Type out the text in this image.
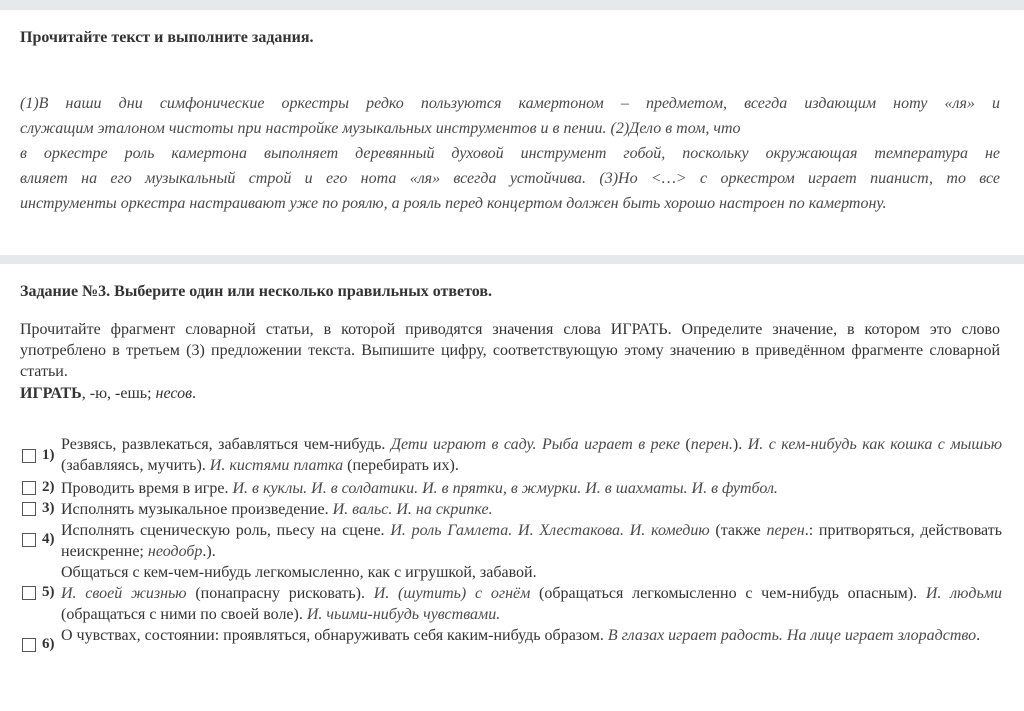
Прочитайте текст и выполните задания.
(1)В наши дни симфонические оркестры редко пользуются камертоном – предметом, всегда издающим ноту «ля» и
служащим эталоном чистоты при настройке музыкальных инструментов и в пении. (2)Дело в том, что
в оркестре роль камертона выполняет деревянный духовой инструмент гобой, поскольку окружающая температура не
влияет на его музыкальный строй и его нота «ля» всегда устойчива. (3)Но <…> с оркестром играет пианист, то все
инструменты оркестра настраивают уже по роялю, а рояль перед концертом должен быть хорошо настроен по камертону.
Задание №3. Выберите один или несколько правильных ответов.
Прочитайте фрагмент словарной статьи, в которой приводятся значения слова ИГРАТЬ. Определите значение, в котором это слово употреблено в третьем (3) предложении текста. Выпишите цифру, соответствующую этому значению в приведённом фрагменте словарной статьи.
ИГРАТЬ, -ю, -ешь; несов.
1)
Резвясь, развлекаться, забавляться чем-нибудь. Дети играют в саду. Рыба играет в реке (перен.). И. с кем-нибудь как кошка с мышью (забавляясь, мучить). И. кистями платка (перебирать их).
2) Проводить время в игре. И. в куклы. И. в солдатики. И. в прятки, в жмурки. И. в шахматы. И. в футбол.
3) Исполнять музыкальное произведение. И. вальс. И. на скрипке.
4) Исполнять сценическую роль, пьесу на сцене. И. роль Гамлета. И. Хлестакова. И. комедию (также перен.: притворяться, действовать неискренне; неодобр.).
5)
Общаться с кем-чем-нибудь легкомысленно, как с игрушкой, забавой.
И. своей жизнью (понапрасну рисковать). И. (шутить) с огнём (обращаться легкомысленно с чем-нибудь опасным). И. людьми (обращаться с ними по своей воле). И. чьими-нибудь чувствами.
6) О чувствах, состоянии: проявляться, обнаруживать себя каким-нибудь образом. В глазах играет радость. На лице играет злорадство.
